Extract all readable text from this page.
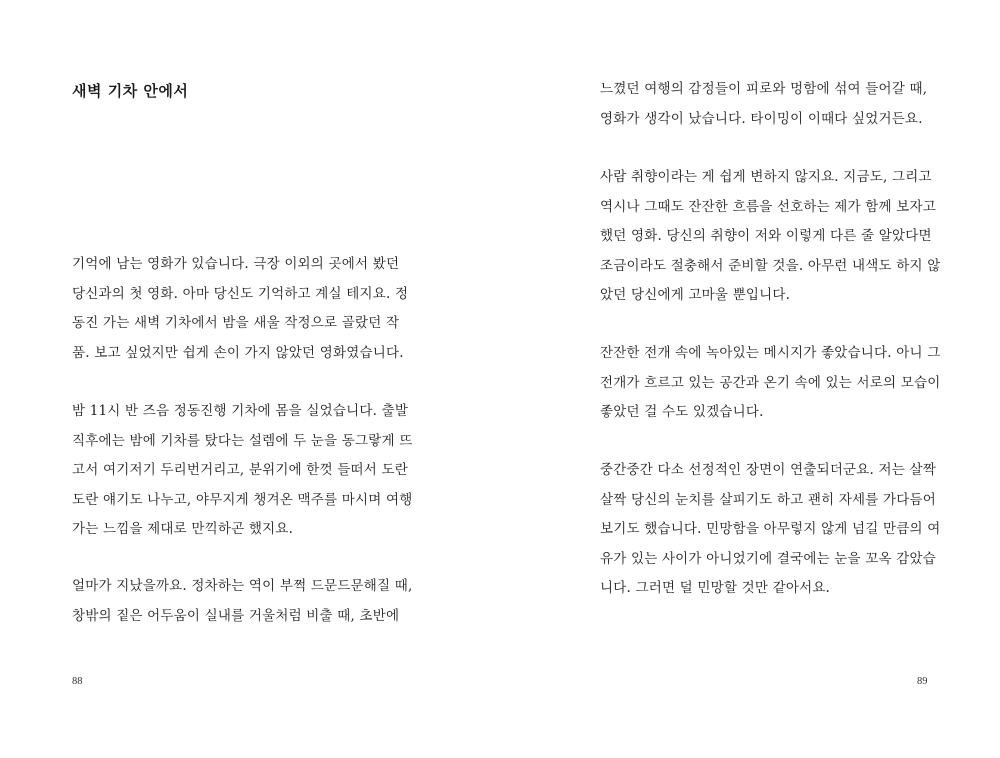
새벽 기차 안에서
기억에 남는 영화가 있습니다. 극장 이외의 곳에서 봤던
당신과의 첫 영화. 아마 당신도 기억하고 계실 테지요. 정
동진 가는 새벽 기차에서 밤을 새울 작정으로 골랐던 작
품. 보고 싶었지만 쉽게 손이 가지 않았던 영화였습니다.
밤 11시 반 즈음 정동진행 기차에 몸을 실었습니다. 출발
직후에는 밤에 기차를 탔다는 설렘에 두 눈을 동그랗게 뜨
고서 여기저기 두리번거리고, 분위기에 한껏 들떠서 도란
도란 얘기도 나누고, 야무지게 챙겨온 맥주를 마시며 여행
가는 느낌을 제대로 만끽하곤 했지요.
얼마가 지났을까요. 정차하는 역이 부쩍 드문드문해질 때,
창밖의 짙은 어두움이 실내를 거울처럼 비출 때, 초반에
88
느꼈던 여행의 감정들이 피로와 멍함에 섞여 들어갈 때,
영화가 생각이 났습니다. 타이밍이 이때다 싶었거든요.
사람 취향이라는 게 쉽게 변하지 않지요. 지금도, 그리고
역시나 그때도 잔잔한 흐름을 선호하는 제가 함께 보자고
했던 영화. 당신의 취향이 저와 이렇게 다른 줄 알았다면
조금이라도 절충해서 준비할 것을. 아무런 내색도 하지 않
았던 당신에게 고마울 뿐입니다.
잔잔한 전개 속에 녹아있는 메시지가 좋았습니다. 아니 그
전개가 흐르고 있는 공간과 온기 속에 있는 서로의 모습이
좋았던 걸 수도 있겠습니다.
중간중간 다소 선정적인 장면이 연출되더군요. 저는 살짝
살짝 당신의 눈치를 살피기도 하고 괜히 자세를 가다듬어
보기도 했습니다. 민망함을 아무렇지 않게 넘길 만큼의 여
유가 있는 사이가 아니었기에 결국에는 눈을 꼬옥 감았습
니다. 그러면 덜 민망할 것만 같아서요.
89
